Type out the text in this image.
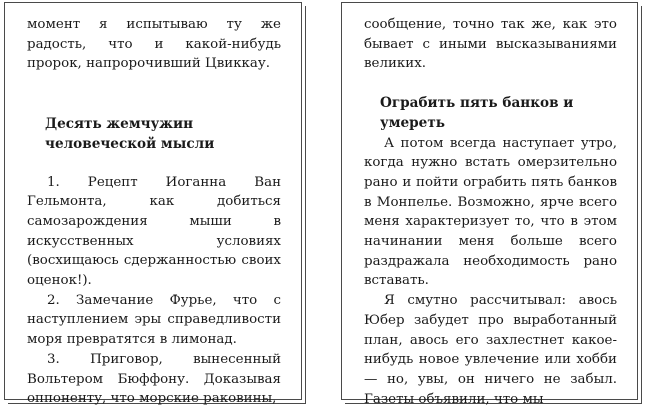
момент я испытываю ту же радость, что и какой-нибудь пророк, напророчивший Цвиккау.

Десять жемчужин человеческой мысли

1. Рецепт Иоганна Ван Гельмонта, как добиться самозарождения мыши в искусственных условиях (восхищаюсь сдержанностью своих оценок!).

2. Замечание Фурье, что с наступлением эры справедливости моря превратятся в лимонад.

3. Приговор, вынесенный Вольтером Бюффону. Доказывая оппоненту, что морские раковины,

сообщение, точно так же, как это бывает с иными высказываниями великих.

Ограбить пять банков и умереть

А потом всегда наступает утро, когда нужно встать омерзительно рано и пойти ограбить пять банков в Монпелье. Возможно, ярче всего меня характеризует то, что в этом начинании меня больше всего раздражала необходимость рано вставать.

Я смутно рассчитывал: авось Юбер забудет про выработанный план, авось его захлестнет какое-нибудь новое увлечение или хобби — но, увы, он ничего не забыл. Газеты объявили, что мы
